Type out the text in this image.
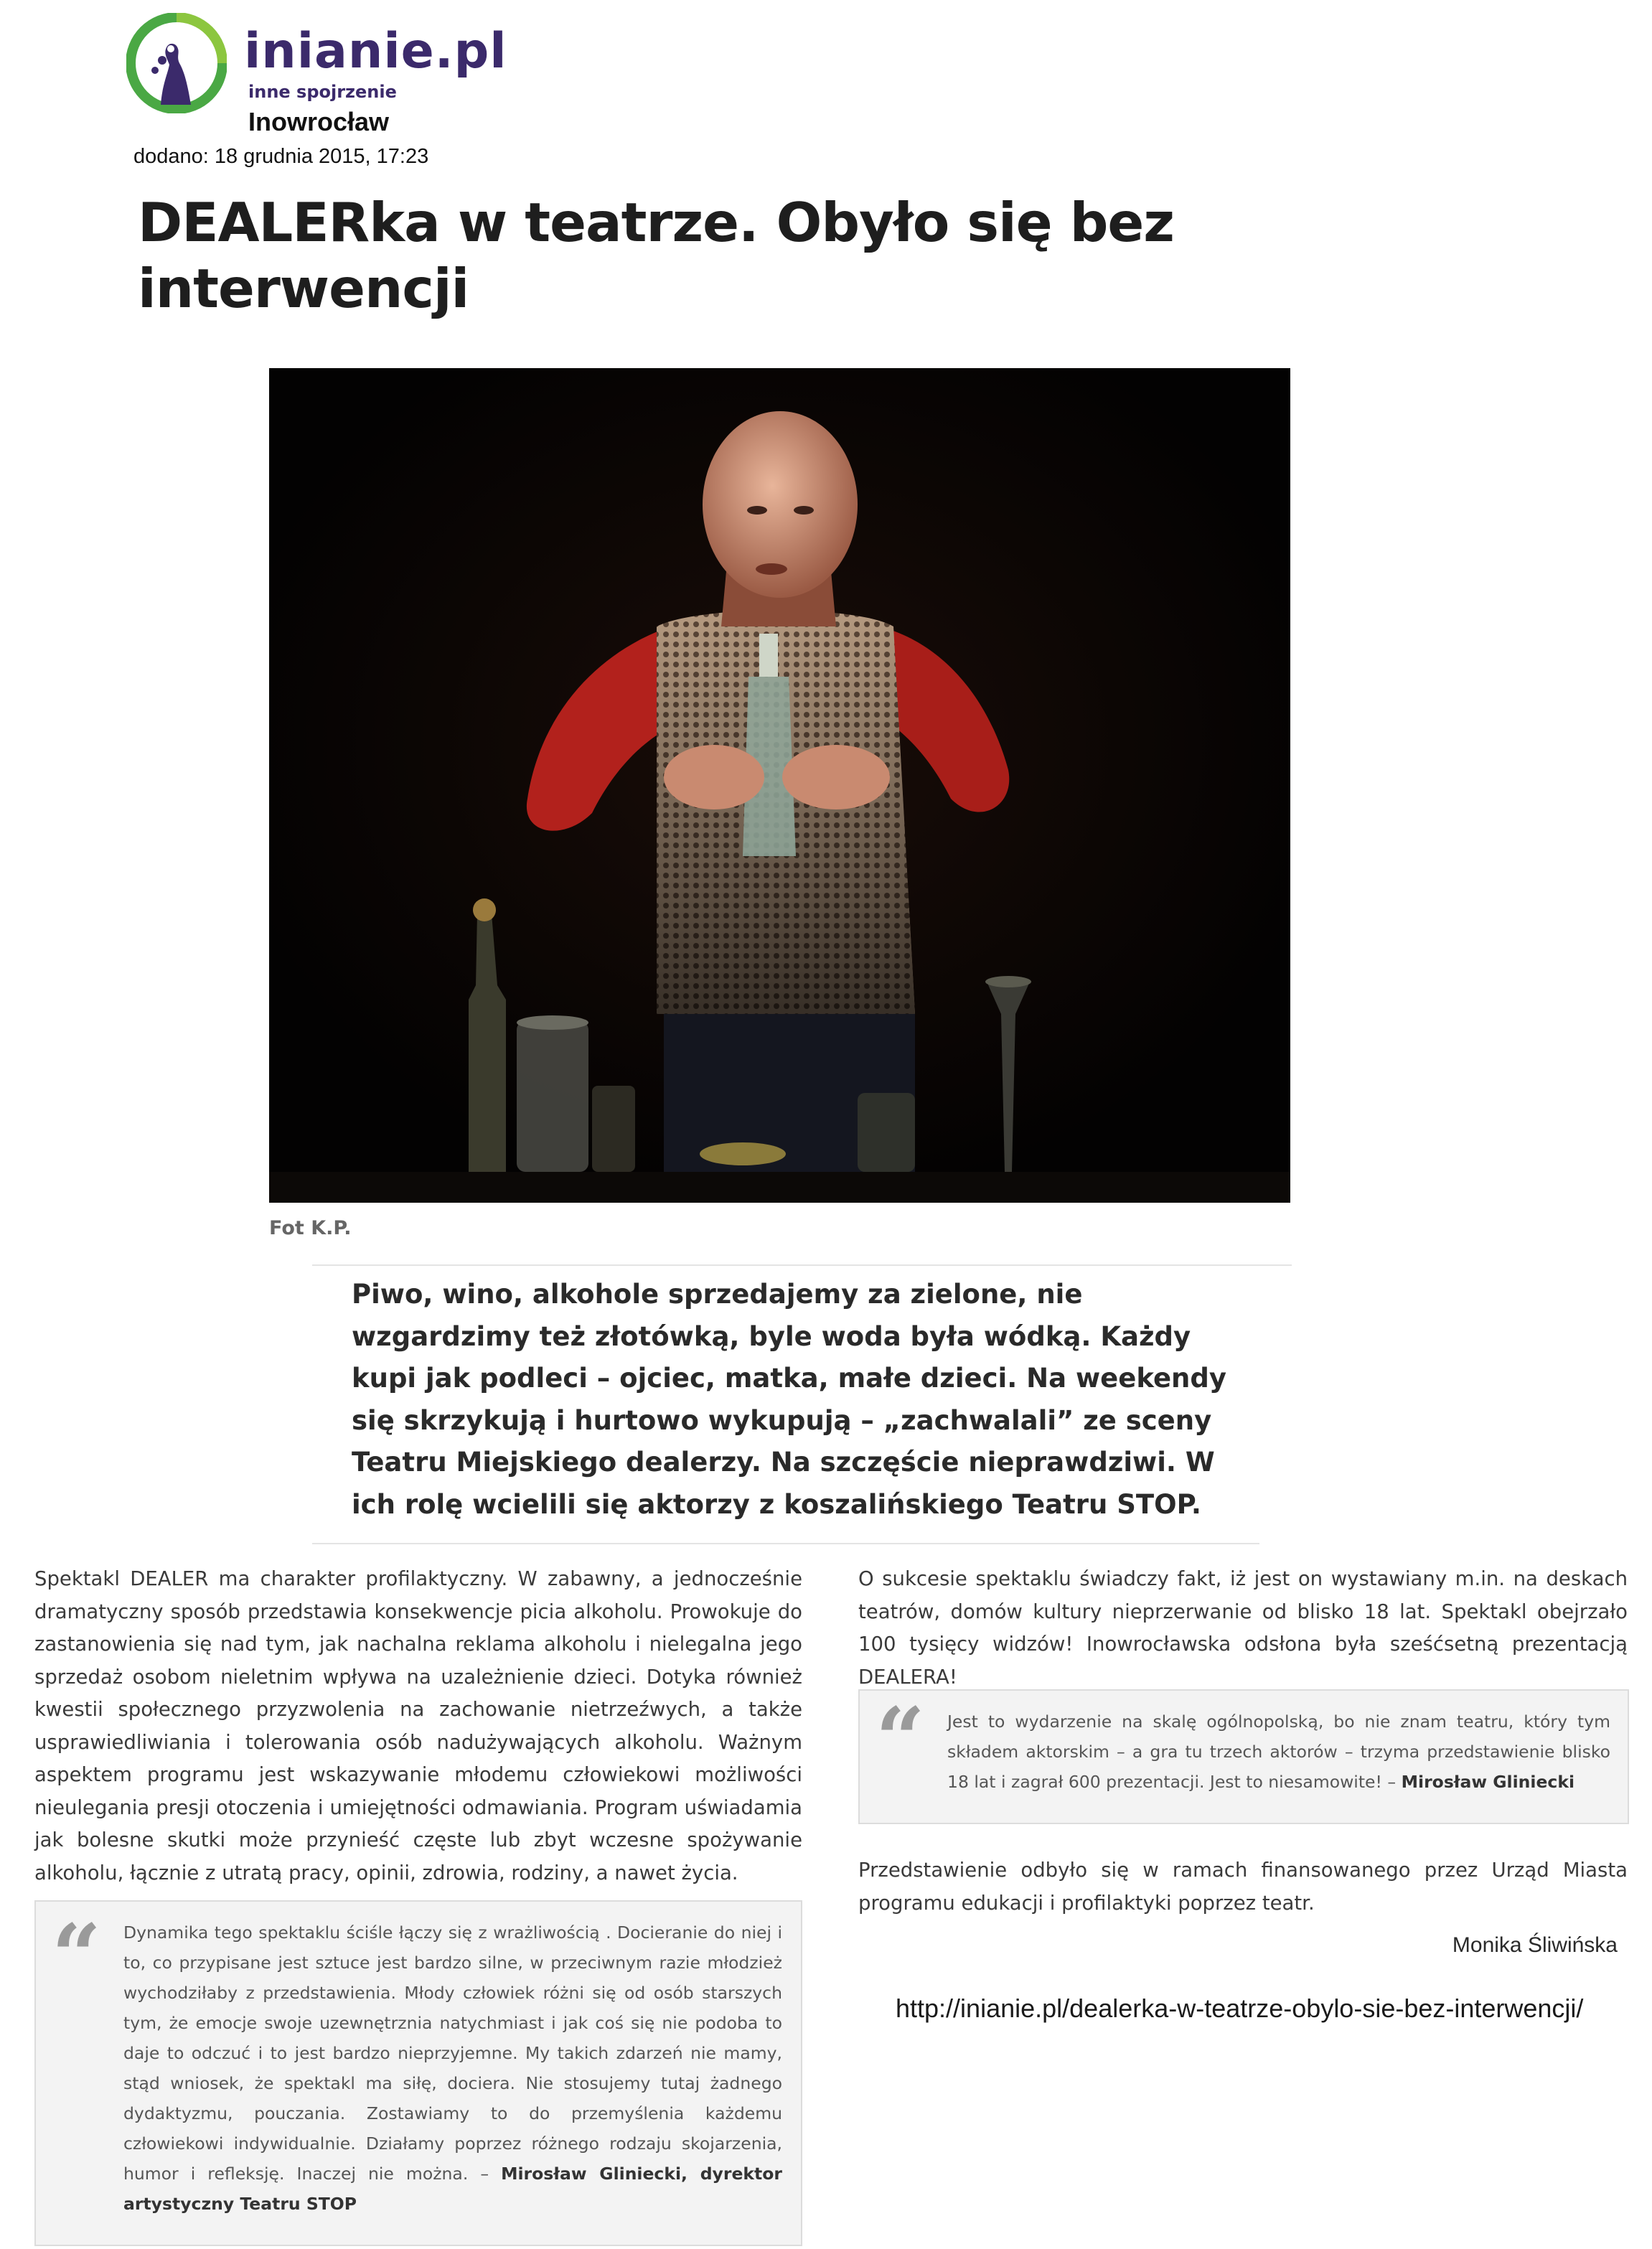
inianie.pl
inne spojrzenie
Inowrocław
dodano: 18 grudnia 2015, 17:23
DEALERka w teatrze. Obyło się bez interwencji
Fot K.P.

Piwo, wino, alkohole sprzedajemy za zielone, nie wzgardzimy też złotówką, byle woda była wódką. Każdy kupi jak podleci – ojciec, matka, małe dzieci. Na weekendy się skrzykują i hurtowo wykupują – „zachwalali” ze sceny Teatru Miejskiego dealerzy. Na szczęście nieprawdziwi. W ich rolę wcielili się aktorzy z koszalińskiego Teatru STOP.

Spektakl DEALER ma charakter profilaktyczny. W zabawny, a jednocześnie dramatyczny sposób przedstawia konsekwencje picia alkoholu. Prowokuje do zastanowienia się nad tym, jak nachalna reklama alkoholu i nielegalna jego sprzedaż osobom nieletnim wpływa na uzależnienie dzieci. Dotyka również kwestii społecznego przyzwolenia na zachowanie nietrzeźwych, a także usprawiedliwiania i tolerowania osób nadużywających alkoholu. Ważnym aspektem programu jest wskazywanie młodemu człowiekowi możliwości nieulegania presji otoczenia i umiejętności odmawiania. Program uświadamia jak bolesne skutki może przynieść częste lub zbyt wczesne spożywanie alkoholu, łącznie z utratą pracy, opinii, zdrowia, rodziny, a nawet życia.

“ Dynamika tego spektaklu ściśle łączy się z wrażliwością . Docieranie do niej i to, co przypisane jest sztuce jest bardzo silne, w przeciwnym razie młodzież wychodziłaby z przedstawienia. Młody człowiek różni się od osób starszych tym, że emocje swoje uzewnętrznia natychmiast i jak coś się nie podoba to daje to odczuć i to jest bardzo nieprzyjemne. My takich zdarzeń nie mamy, stąd wniosek, że spektakl ma siłę, dociera. Nie stosujemy tutaj żadnego dydaktyzmu, pouczania. Zostawiamy to do przemyślenia każdemu człowiekowi indywidualnie. Działamy poprzez różnego rodzaju skojarzenia, humor i refleksję. Inaczej nie można. – Mirosław Gliniecki, dyrektor artystyczny Teatru STOP

O sukcesie spektaklu świadczy fakt, iż jest on wystawiany m.in. na deskach teatrów, domów kultury nieprzerwanie od blisko 18 lat. Spektakl obejrzało 100 tysięcy widzów! Inowrocławska odsłona była sześćsetną prezentacją DEALERA!

“ Jest to wydarzenie na skalę ogólnopolską, bo nie znam teatru, który tym składem aktorskim – a gra tu trzech aktorów – trzyma przedstawienie blisko 18 lat i zagrał 600 prezentacji. Jest to niesamowite! – Mirosław Gliniecki

Przedstawienie odbyło się w ramach finansowanego przez Urząd Miasta programu edukacji i profilaktyki poprzez teatr.

Monika Śliwińska
http://inianie.pl/dealerka-w-teatrze-obylo-sie-bez-interwencji/
